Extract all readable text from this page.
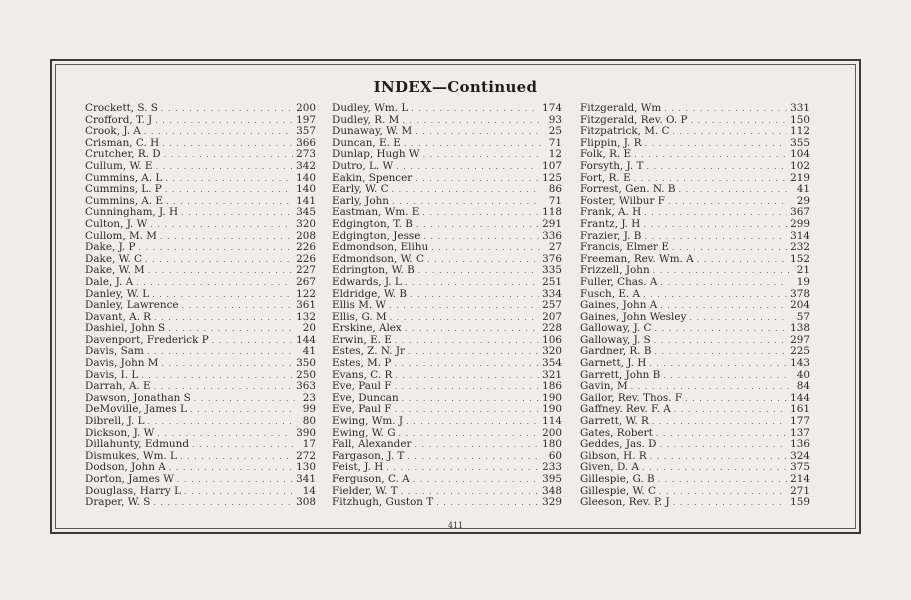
INDEX—Continued
Crockett, S. S . . .	200
Crofford, T. J . . .	197
Crook, J. A . . .	357
Crisman, C. H . . .	366
Crutcher, R. D . . .	273
Cullum, W. E . . .	342
Cummins, A. L . . .	140
Cummins, L. P . . .	140
Cummins, A. E . . .	141
Cunningham, J. H . . .	345
Culton, J. W . . .	320
Cullom, M. M . . .	208
Dake, J. P . . .	226
Dake, W. C . . .	226
Dake, W. M . . .	227
Dale, J. A . . .	267
Danley, W. L . . .	122
Danley, Lawrence . . .	361
Davant, A. R . . .	132
Dashiel, John S . . .	20
Davenport, Frederick P . . .	144
Davis, Sam . . .	41
Davis, John M . . .	350
Davis, I. L . . .	250
Darrah, A. E . . .	363
Dawson, Jonathan S . . .	23
DeMoville, James L . . .	99
Dibrell, J. L . . .	80
Dickson, J. W . . .	390
Dillahunty, Edmund . . .	17
Dismukes, Wm. L . . .	272
Dodson, John A . . .	130
Dorton, James W . . .	341
Douglass, Harry L . . .	14
Draper, W. S . . .	308
Dudley, Wm. L . . .	174
Dudley, R. M . . .	93
Dunaway, W. M . . .	25
Duncan, E. E . . .	71
Dunlap, Hugh W . . .	12
Dutro, L. W . . .	107
Eakin, Spencer . . .	125
Early, W. C . . .	86
Early, John . . .	71
Eastman, Wm. E . . .	118
Edgington, T. B . . .	291
Edgington, Jesse . . .	336
Edmondson, Elihu . . .	27
Edmondson, W. C . . .	376
Edrington, W. B . . .	335
Edwards, J. L . . .	251
Eldridge, W. B . . .	334
Ellis M. W . . .	257
Ellis, G. M . . .	207
Erskine, Alex . . .	228
Erwin, E. E . . .	106
Estes, Z. N. Jr . . .	320
Estes, M. P . . .	354
Evans, C. R . . .	321
Eve, Paul F . . .	186
Eve, Duncan . . .	190
Eve, Paul F . . .	190
Ewing, Wm. J . . .	114
Ewing, W. G . . .	200
Fall, Alexander . . .	180
Fargason, J. T . . .	60
Feist, J. H . . .	233
Ferguson, C. A . . .	395
Fielder, W. T . . .	348
Fitzhugh, Guston T . . .	329
Fitzgerald, Wm . . .	331
Fitzgerald, Rev. O. P . . .	150
Fitzpatrick, M. C . . .	112
Flippin, J. R . . .	355
Folk, R. E . . .	104
Forsyth, J. T . . .	102
Fort, R. E . . .	219
Forrest, Gen. N. B . . .	41
Foster, Wilbur F . . .	29
Frank, A. H . . .	367
Frantz, J. H . . .	299
Frazier, J. B . . .	314
Francis, Elmer E . . .	232
Freeman, Rev. Wm. A . . .	152
Frizzell, John . . .	21
Fuller, Chas. A . . .	19
Fusch, E. A . . .	378
Gaines, John A . . .	204
Gaines, John Wesley . . .	57
Galloway, J. C . . .	138
Galloway, J. S . . .	297
Gardner, R. B . . .	225
Garnett, J. H . . .	143
Garrett, John B . . .	40
Gavin, M . . .	84
Gailor, Rev. Thos. F . . .	144
Gaffney. Rev. F. A . . .	161
Garrett, W. R . . .	177
Gates, Robert . . .	137
Geddes, Jas. D . . .	136
Gibson, H. R . . .	324
Given, D. A . . .	375
Gillespie, G. B . . .	214
Gillespie, W. C . . .	271
Gleeson, Rev. P. J . . .	159
411
